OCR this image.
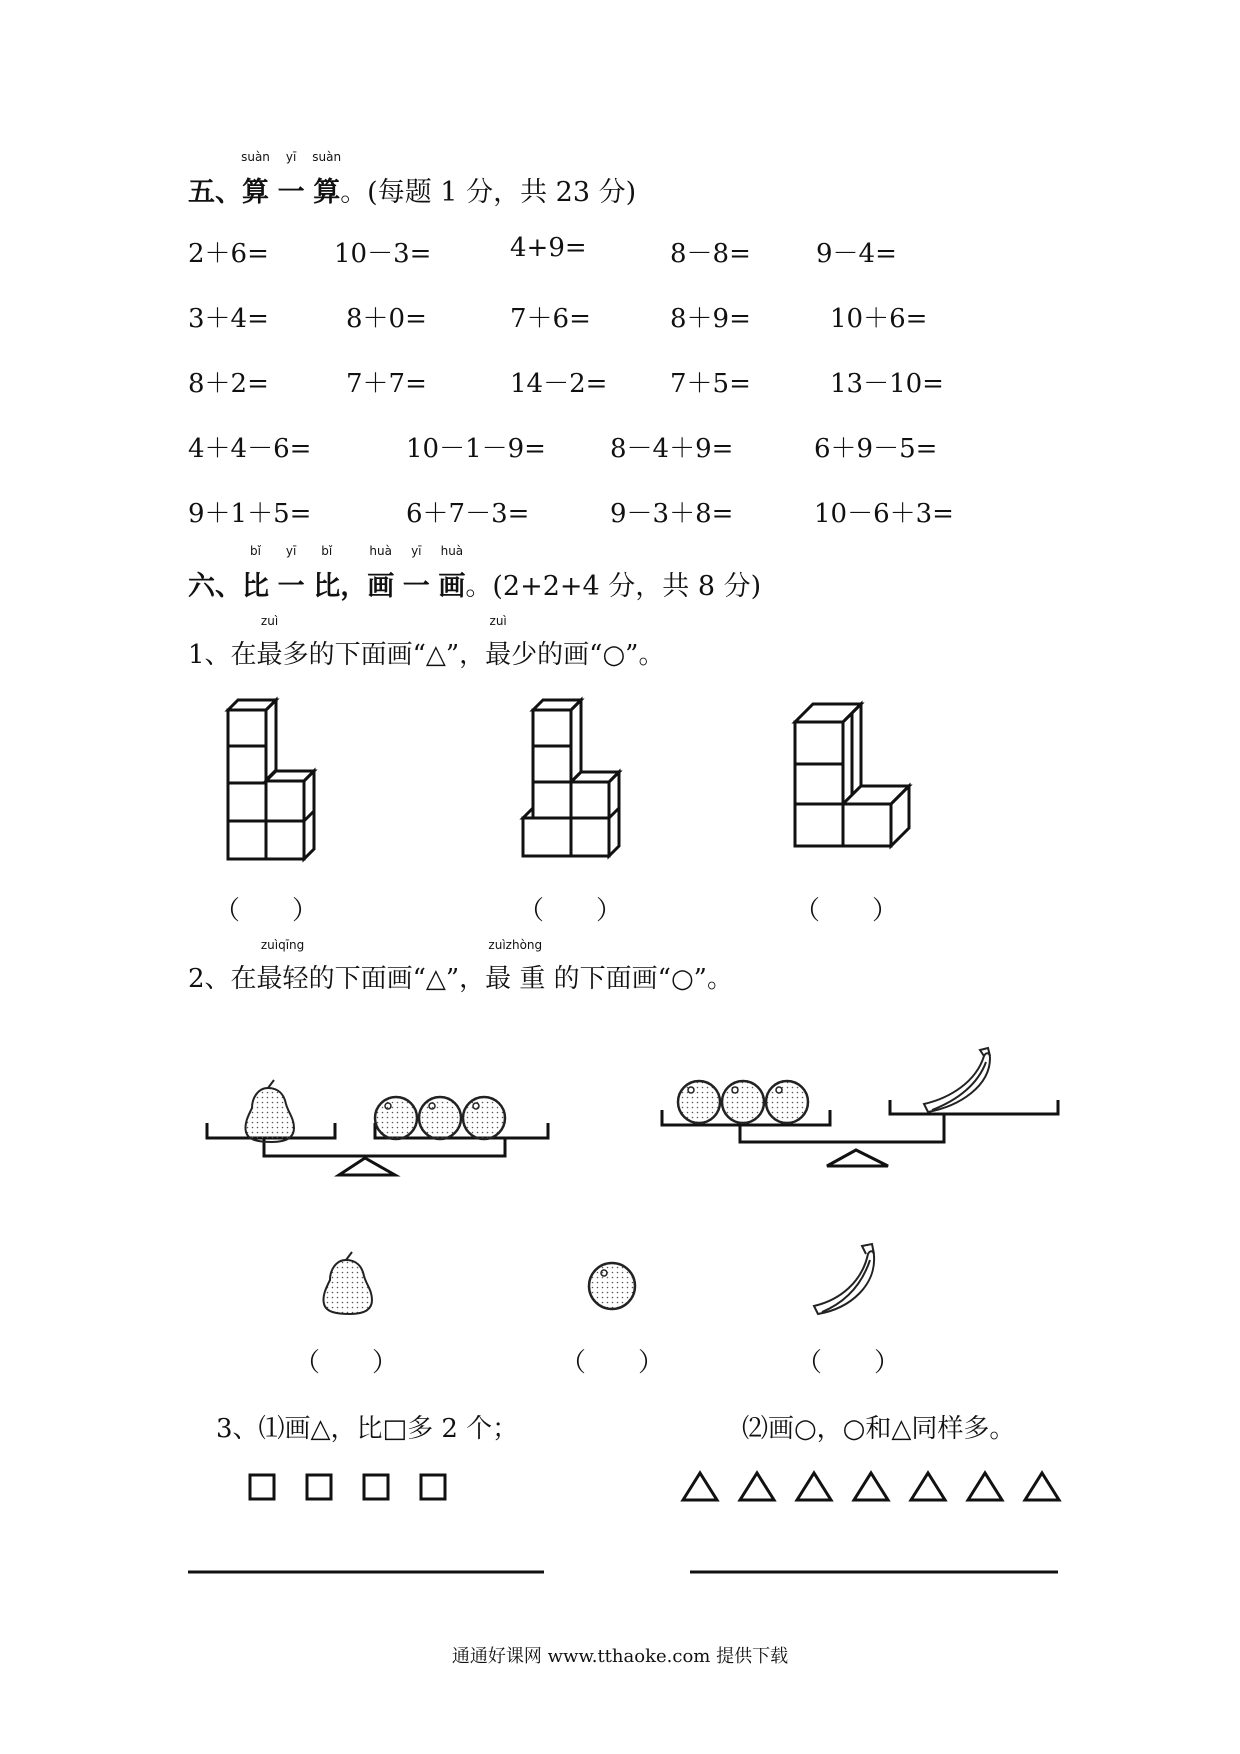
五、
suàn
算
yī
一
suàn
算。(每题 1 分，共 23 分)
2＋6=	10－3=	4+9=	8－8=	9－4=
3＋4=	8＋0=	7＋6=	8＋9=	10＋6=
8＋2=	7＋7=	14－2= 7＋5=	13－10=
4＋4－6=	10－1－9= 8－4＋9=	6＋9－5=
9＋1＋5=	6＋7－3=	9－3＋8=	10－6＋3=
六、
bǐ
比
yī
一
bǐ
比，
huà
画
yī
一
huà
画。(2+2+4 分，共 8 分)
1、在
zuì
最多的下面画“△”，
zuì
最少的画“○”。
（　　）	（　　）	（　　）
2、在
zuìqīng
最轻的下面画“△”，
zuìzhòng
最 重 的下面画“○”。
（　　）	（　　）	（　　）
3、⑴画△，比□多 2 个；	⑵画○，○和△同样多。
通通好课网 www.tthaoke.com 提供下载
